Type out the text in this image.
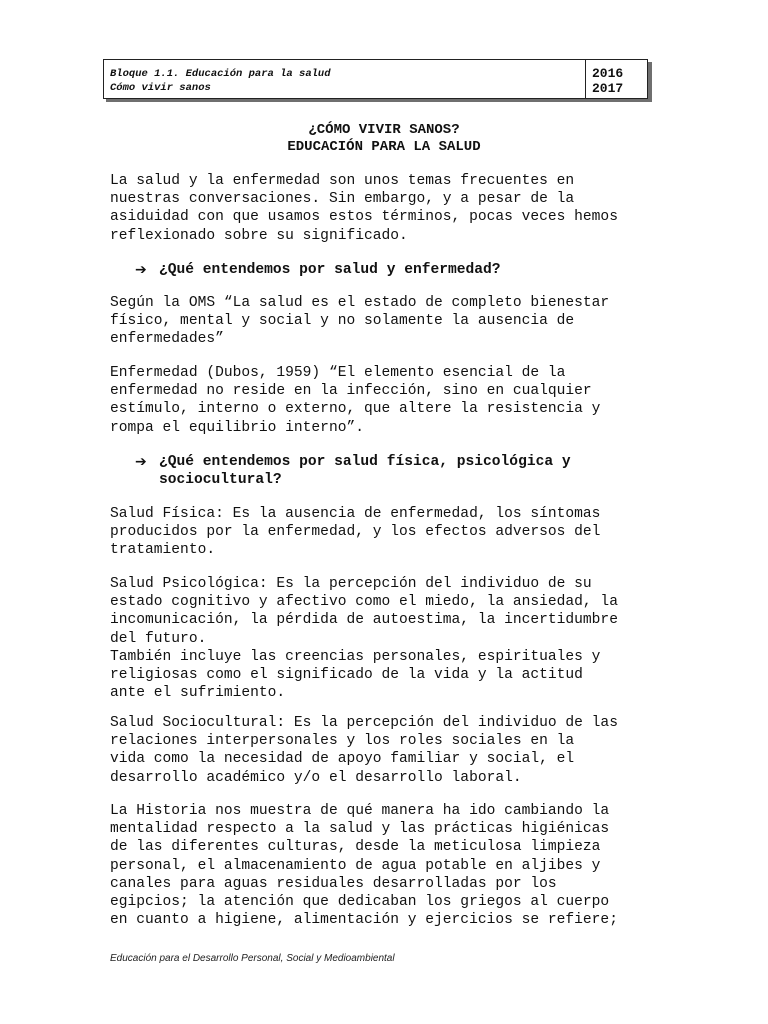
Bloque 1.1. Educación para la salud
Cómo vivir sanos
2016
2017
¿CÓMO VIVIR SANOS?
EDUCACIÓN PARA LA SALUD
La salud y la enfermedad son unos temas frecuentes en
nuestras conversaciones. Sin embargo, y a pesar de la
asiduidad con que usamos estos términos, pocas veces hemos
reflexionado sobre su significado.
➔ ¿Qué entendemos por salud y enfermedad?
Según la OMS “La salud es el estado de completo bienestar
físico, mental y social y no solamente la ausencia de
enfermedades”
Enfermedad (Dubos, 1959) “El elemento esencial de la
enfermedad no reside en la infección, sino en cualquier
estímulo, interno o externo, que altere la resistencia y
rompa el equilibrio interno”.
➔ ¿Qué entendemos por salud física, psicológica y
sociocultural?
Salud Física: Es la ausencia de enfermedad, los síntomas
producidos por la enfermedad, y los efectos adversos del
tratamiento.
Salud Psicológica: Es la percepción del individuo de su
estado cognitivo y afectivo como el miedo, la ansiedad, la
incomunicación, la pérdida de autoestima, la incertidumbre
del futuro.
También incluye las creencias personales, espirituales y
religiosas como el significado de la vida y la actitud
ante el sufrimiento.
Salud Sociocultural: Es la percepción del individuo de las
relaciones interpersonales y los roles sociales en la
vida como la necesidad de apoyo familiar y social, el
desarrollo académico y/o el desarrollo laboral.
La Historia nos muestra de qué manera ha ido cambiando la
mentalidad respecto a la salud y las prácticas higiénicas
de las diferentes culturas, desde la meticulosa limpieza
personal, el almacenamiento de agua potable en aljibes y
canales para aguas residuales desarrolladas por los
egipcios; la atención que dedicaban los griegos al cuerpo
en cuanto a higiene, alimentación y ejercicios se refiere;
Educación para el Desarrollo Personal, Social y Medioambiental
